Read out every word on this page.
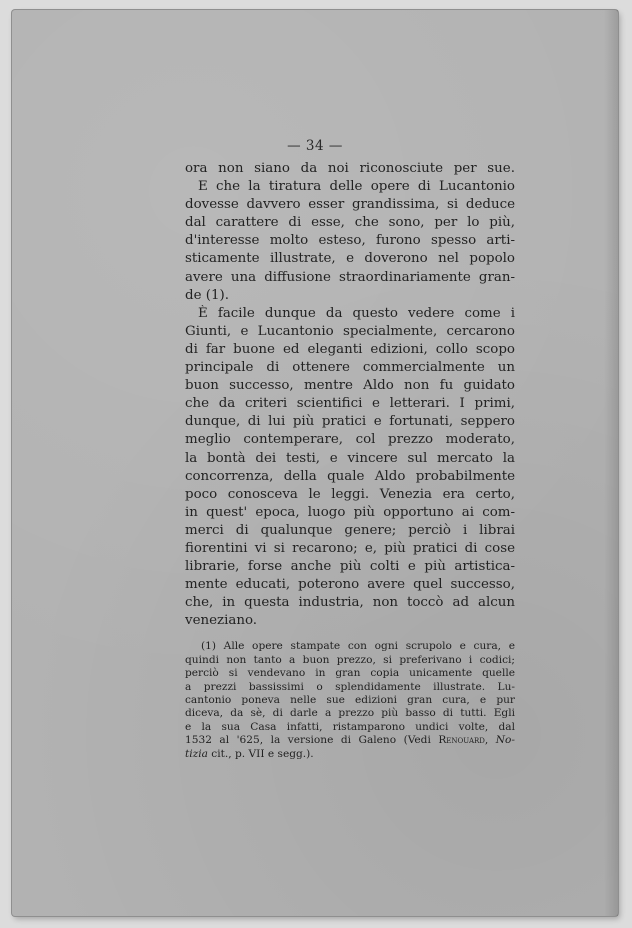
— 34 —
ora non siano da noi riconosciute per sue.
E che la tiratura delle opere di Lucantonio
dovesse davvero esser grandissima, si deduce
dal carattere di esse, che sono, per lo più,
d'interesse molto esteso, furono spesso arti-
sticamente illustrate, e doverono nel popolo
avere una diffusione straordinariamente gran-
de (1).
È facile dunque da questo vedere come i
Giunti, e Lucantonio specialmente, cercarono
di far buone ed eleganti edizioni, collo scopo
principale di ottenere commercialmente un
buon successo, mentre Aldo non fu guidato
che da criteri scientifici e letterari. I primi,
dunque, di lui più pratici e fortunati, seppero
meglio contemperare, col prezzo moderato,
la bontà dei testi, e vincere sul mercato la
concorrenza, della quale Aldo probabilmente
poco conosceva le leggi. Venezia era certo,
in quest' epoca, luogo più opportuno ai com-
merci di qualunque genere; perciò i librai
fiorentini vi si recarono; e, più pratici di cose
librarie, forse anche più colti e più artistica-
mente educati, poterono avere quel successo,
che, in questa industria, non toccò ad alcun
veneziano.
(1) Alle opere stampate con ogni scrupolo e cura, e
quindi non tanto a buon prezzo, si preferivano i codici;
perciò si vendevano in gran copia unicamente quelle
a prezzi bassissimi o splendidamente illustrate. Lu-
cantonio poneva nelle sue edizioni gran cura, e pur
diceva, da sè, di darle a prezzo più basso di tutti. Egli
e la sua Casa infatti, ristamparono undici volte, dal
1532 al '625, la versione di Galeno (Vedi Renouard, No-
tizia cit., p. VII e segg.).
